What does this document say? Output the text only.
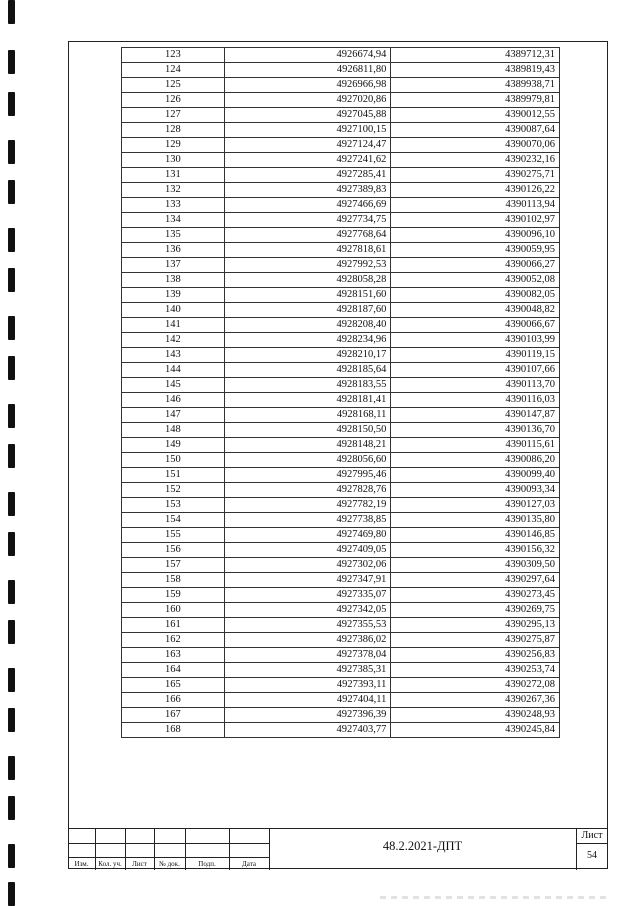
123	4926674,94	4389712,31
124	4926811,80	4389819,43
125	4926966,98	4389938,71
126	4927020,86	4389979,81
127	4927045,88	4390012,55
128	4927100,15	4390087,64
129	4927124,47	4390070,06
130	4927241,62	4390232,16
131	4927285,41	4390275,71
132	4927389,83	4390126,22
133	4927466,69	4390113,94
134	4927734,75	4390102,97
135	4927768,64	4390096,10
136	4927818,61	4390059,95
137	4927992,53	4390066,27
138	4928058,28	4390052,08
139	4928151,60	4390082,05
140	4928187,60	4390048,82
141	4928208,40	4390066,67
142	4928234,96	4390103,99
143	4928210,17	4390119,15
144	4928185,64	4390107,66
145	4928183,55	4390113,70
146	4928181,41	4390116,03
147	4928168,11	4390147,87
148	4928150,50	4390136,70
149	4928148,21	4390115,61
150	4928056,60	4390086,20
151	4927995,46	4390099,40
152	4927828,76	4390093,34
153	4927782,19	4390127,03
154	4927738,85	4390135,80
155	4927469,80	4390146,85
156	4927409,05	4390156,32
157	4927302,06	4390309,50
158	4927347,91	4390297,64
159	4927335,07	4390273,45
160	4927342,05	4390269,75
161	4927355,53	4390295,13
162	4927386,02	4390275,87
163	4927378,04	4390256,83
164	4927385,31	4390253,74
165	4927393,11	4390272,08
166	4927404,11	4390267,36
167	4927396,39	4390248,93
168	4927403,77	4390245,84
Изм.	Кол. уч.	Лист	№ док.	Подп.	Дата
48.2.2021-ДПТ
Лист
54
